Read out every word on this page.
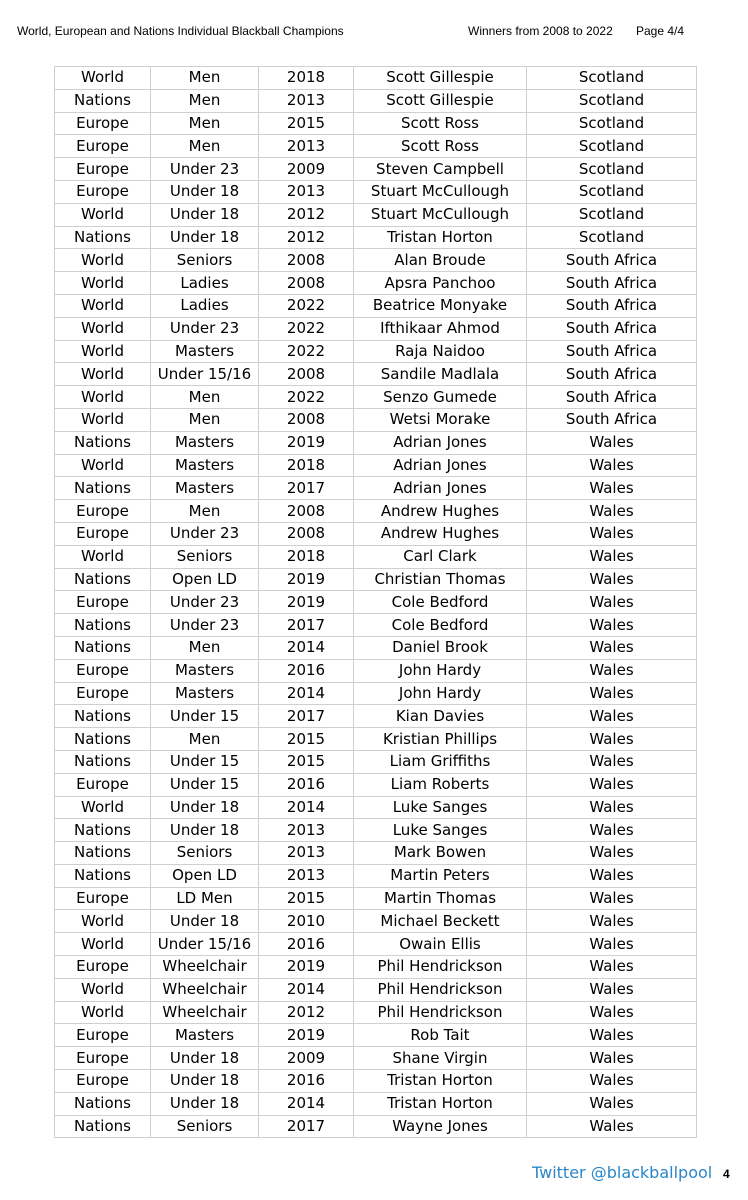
World, European and Nations Individual Blackball Champions	Winners from 2008 to 2022 Page 4/4
World	Men	2018	Scott Gillespie	Scotland
Nations	Men	2013	Scott Gillespie	Scotland
Europe	Men	2015	Scott Ross	Scotland
Europe	Men	2013	Scott Ross	Scotland
Europe	Under 23	2009	Steven Campbell	Scotland
Europe	Under 18	2013	Stuart McCullough	Scotland
World	Under 18	2012	Stuart McCullough	Scotland
Nations	Under 18	2012	Tristan Horton	Scotland
World	Seniors	2008	Alan Broude	South Africa
World	Ladies	2008	Apsra Panchoo	South Africa
World	Ladies	2022	Beatrice Monyake	South Africa
World	Under 23	2022	Ifthikaar Ahmod	South Africa
World	Masters	2022	Raja Naidoo	South Africa
World	Under 15/16	2008	Sandile Madlala	South Africa
World	Men	2022	Senzo Gumede	South Africa
World	Men	2008	Wetsi Morake	South Africa
Nations	Masters	2019	Adrian Jones	Wales
World	Masters	2018	Adrian Jones	Wales
Nations	Masters	2017	Adrian Jones	Wales
Europe	Men	2008	Andrew Hughes	Wales
Europe	Under 23	2008	Andrew Hughes	Wales
World	Seniors	2018	Carl Clark	Wales
Nations	Open LD	2019	Christian Thomas	Wales
Europe	Under 23	2019	Cole Bedford	Wales
Nations	Under 23	2017	Cole Bedford	Wales
Nations	Men	2014	Daniel Brook	Wales
Europe	Masters	2016	John Hardy	Wales
Europe	Masters	2014	John Hardy	Wales
Nations	Under 15	2017	Kian Davies	Wales
Nations	Men	2015	Kristian Phillips	Wales
Nations	Under 15	2015	Liam Griffiths	Wales
Europe	Under 15	2016	Liam Roberts	Wales
World	Under 18	2014	Luke Sanges	Wales
Nations	Under 18	2013	Luke Sanges	Wales
Nations	Seniors	2013	Mark Bowen	Wales
Nations	Open LD	2013	Martin Peters	Wales
Europe	LD Men	2015	Martin Thomas	Wales
World	Under 18	2010	Michael Beckett	Wales
World	Under 15/16	2016	Owain Ellis	Wales
Europe	Wheelchair	2019	Phil Hendrickson	Wales
World	Wheelchair	2014	Phil Hendrickson	Wales
World	Wheelchair	2012	Phil Hendrickson	Wales
Europe	Masters	2019	Rob Tait	Wales
Europe	Under 18	2009	Shane Virgin	Wales
Europe	Under 18	2016	Tristan Horton	Wales
Nations	Under 18	2014	Tristan Horton	Wales
Nations	Seniors	2017	Wayne Jones	Wales
Twitter @blackballpool 4
